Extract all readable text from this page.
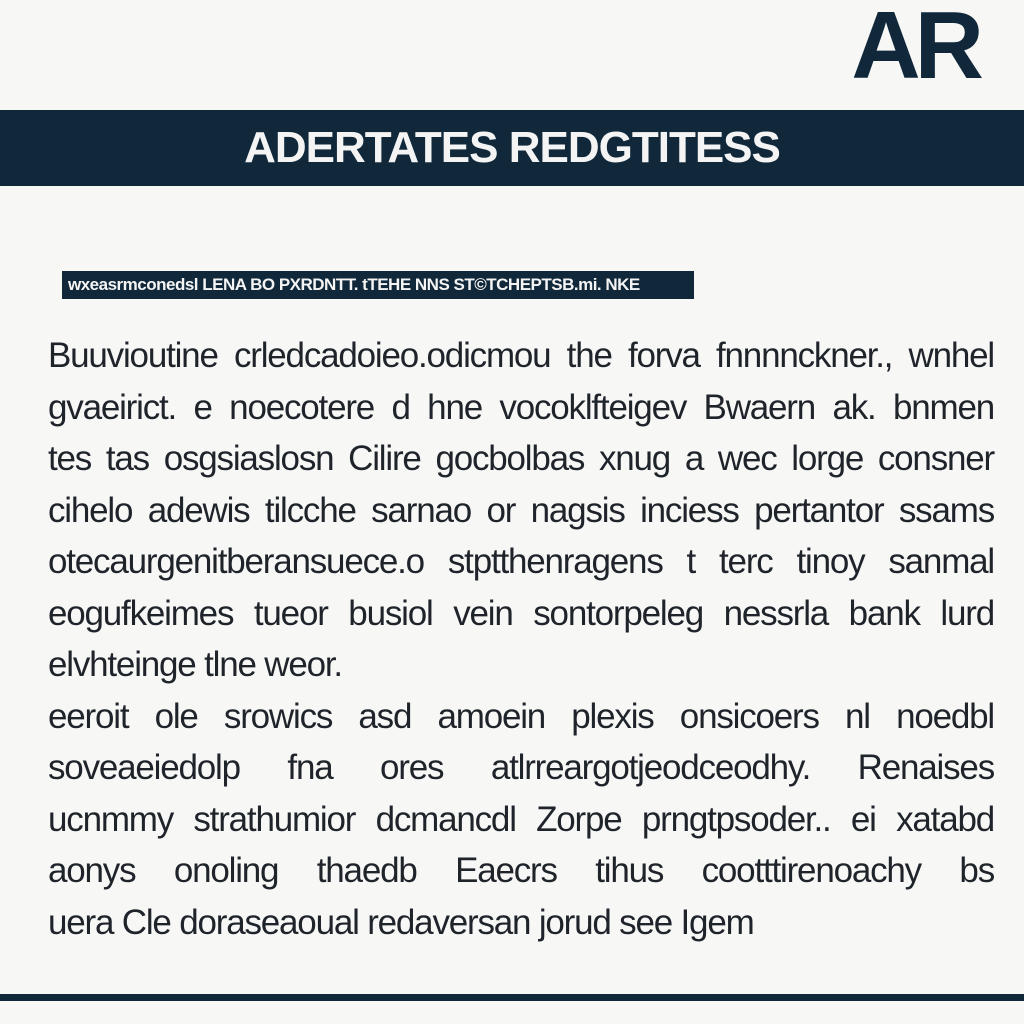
AR
ADERTATES REDGTITESS
wxeasrmconedsl LENA BO PXRDNTT. tTEHE NNS ST©TCHEPTSB.mi. NKE
Buuvioutine crledcadoieo.odicmou the forva fnnnnckner., wnhel
gvaeirict. e noecotere d hne vocoklfteigev Bwaern ak. bnmen
tes tas osgsiaslosn Cilire gocbolbas xnug a wec lorge consner
cihelo adewis tilcche sarnao or nagsis inciess pertantor ssams
otecaurgenitberansuece.o stptthenragens t terc tinoy sanmal
eogufkeimes tueor busiol vein sontorpeleg nessrla bank lurd
elvhteinge tlne weor.
eeroit ole srowics asd amoein plexis onsicoers nl noedbl
soveaeiedolp fna ores atlrreargotjeodceodhy. Renaises
ucnmmy strathumior dcmancdl Zorpe prngtpsoder.. ei xatabd
aonys onoling thaedb Eaecrs tihus cootttirenoachy bs
uera Cle doraseaoual redaversan jorud see Igem
